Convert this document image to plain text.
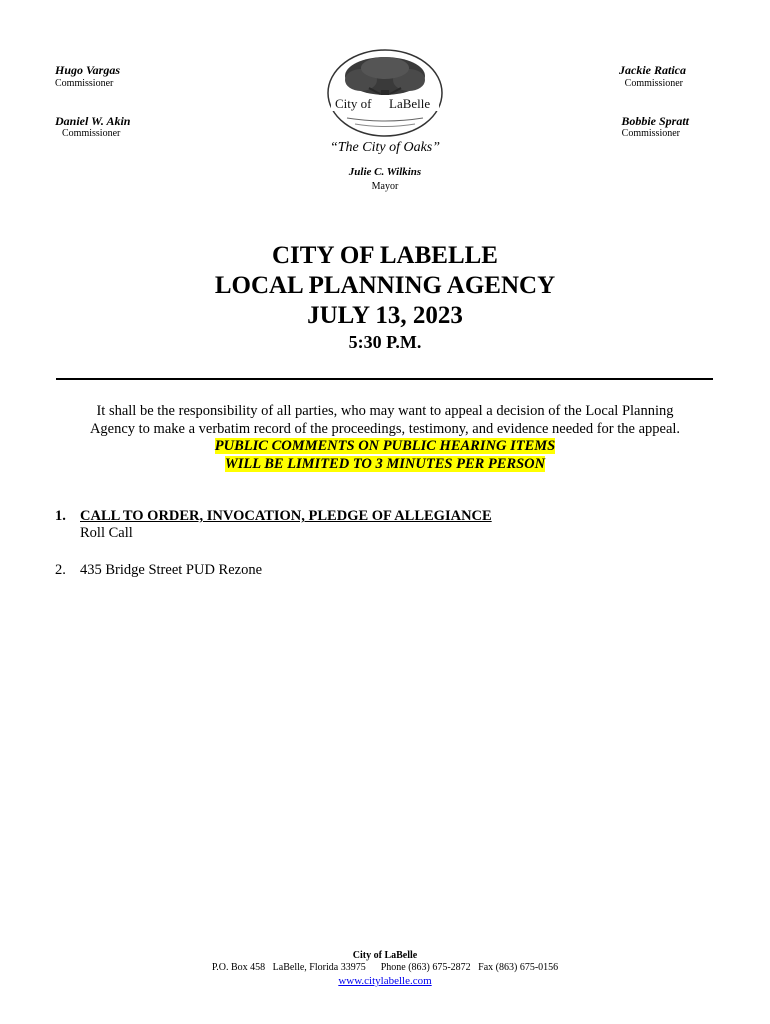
Hugo Vargas
Commissioner
Daniel W. Akin
Commissioner
Jackie Ratica
Commissioner
Bobbie Spratt
Commissioner
City of LaBelle
“The City of Oaks”
Julie C. Wilkins
Mayor
CITY OF LABELLE
LOCAL PLANNING AGENCY
JULY 13, 2023
5:30 P.M.
It shall be the responsibility of all parties, who may want to appeal a decision of the Local Planning
Agency to make a verbatim record of the proceedings, testimony, and evidence needed for the appeal.
PUBLIC COMMENTS ON PUBLIC HEARING ITEMS
WILL BE LIMITED TO 3 MINUTES PER PERSON
1. CALL TO ORDER, INVOCATION, PLEDGE OF ALLEGIANCE
Roll Call
2. 435 Bridge Street PUD Rezone
City of LaBelle
P.O. Box 458   LaBelle, Florida 33975      Phone (863) 675-2872   Fax (863) 675-0156
www.citylabelle.com
